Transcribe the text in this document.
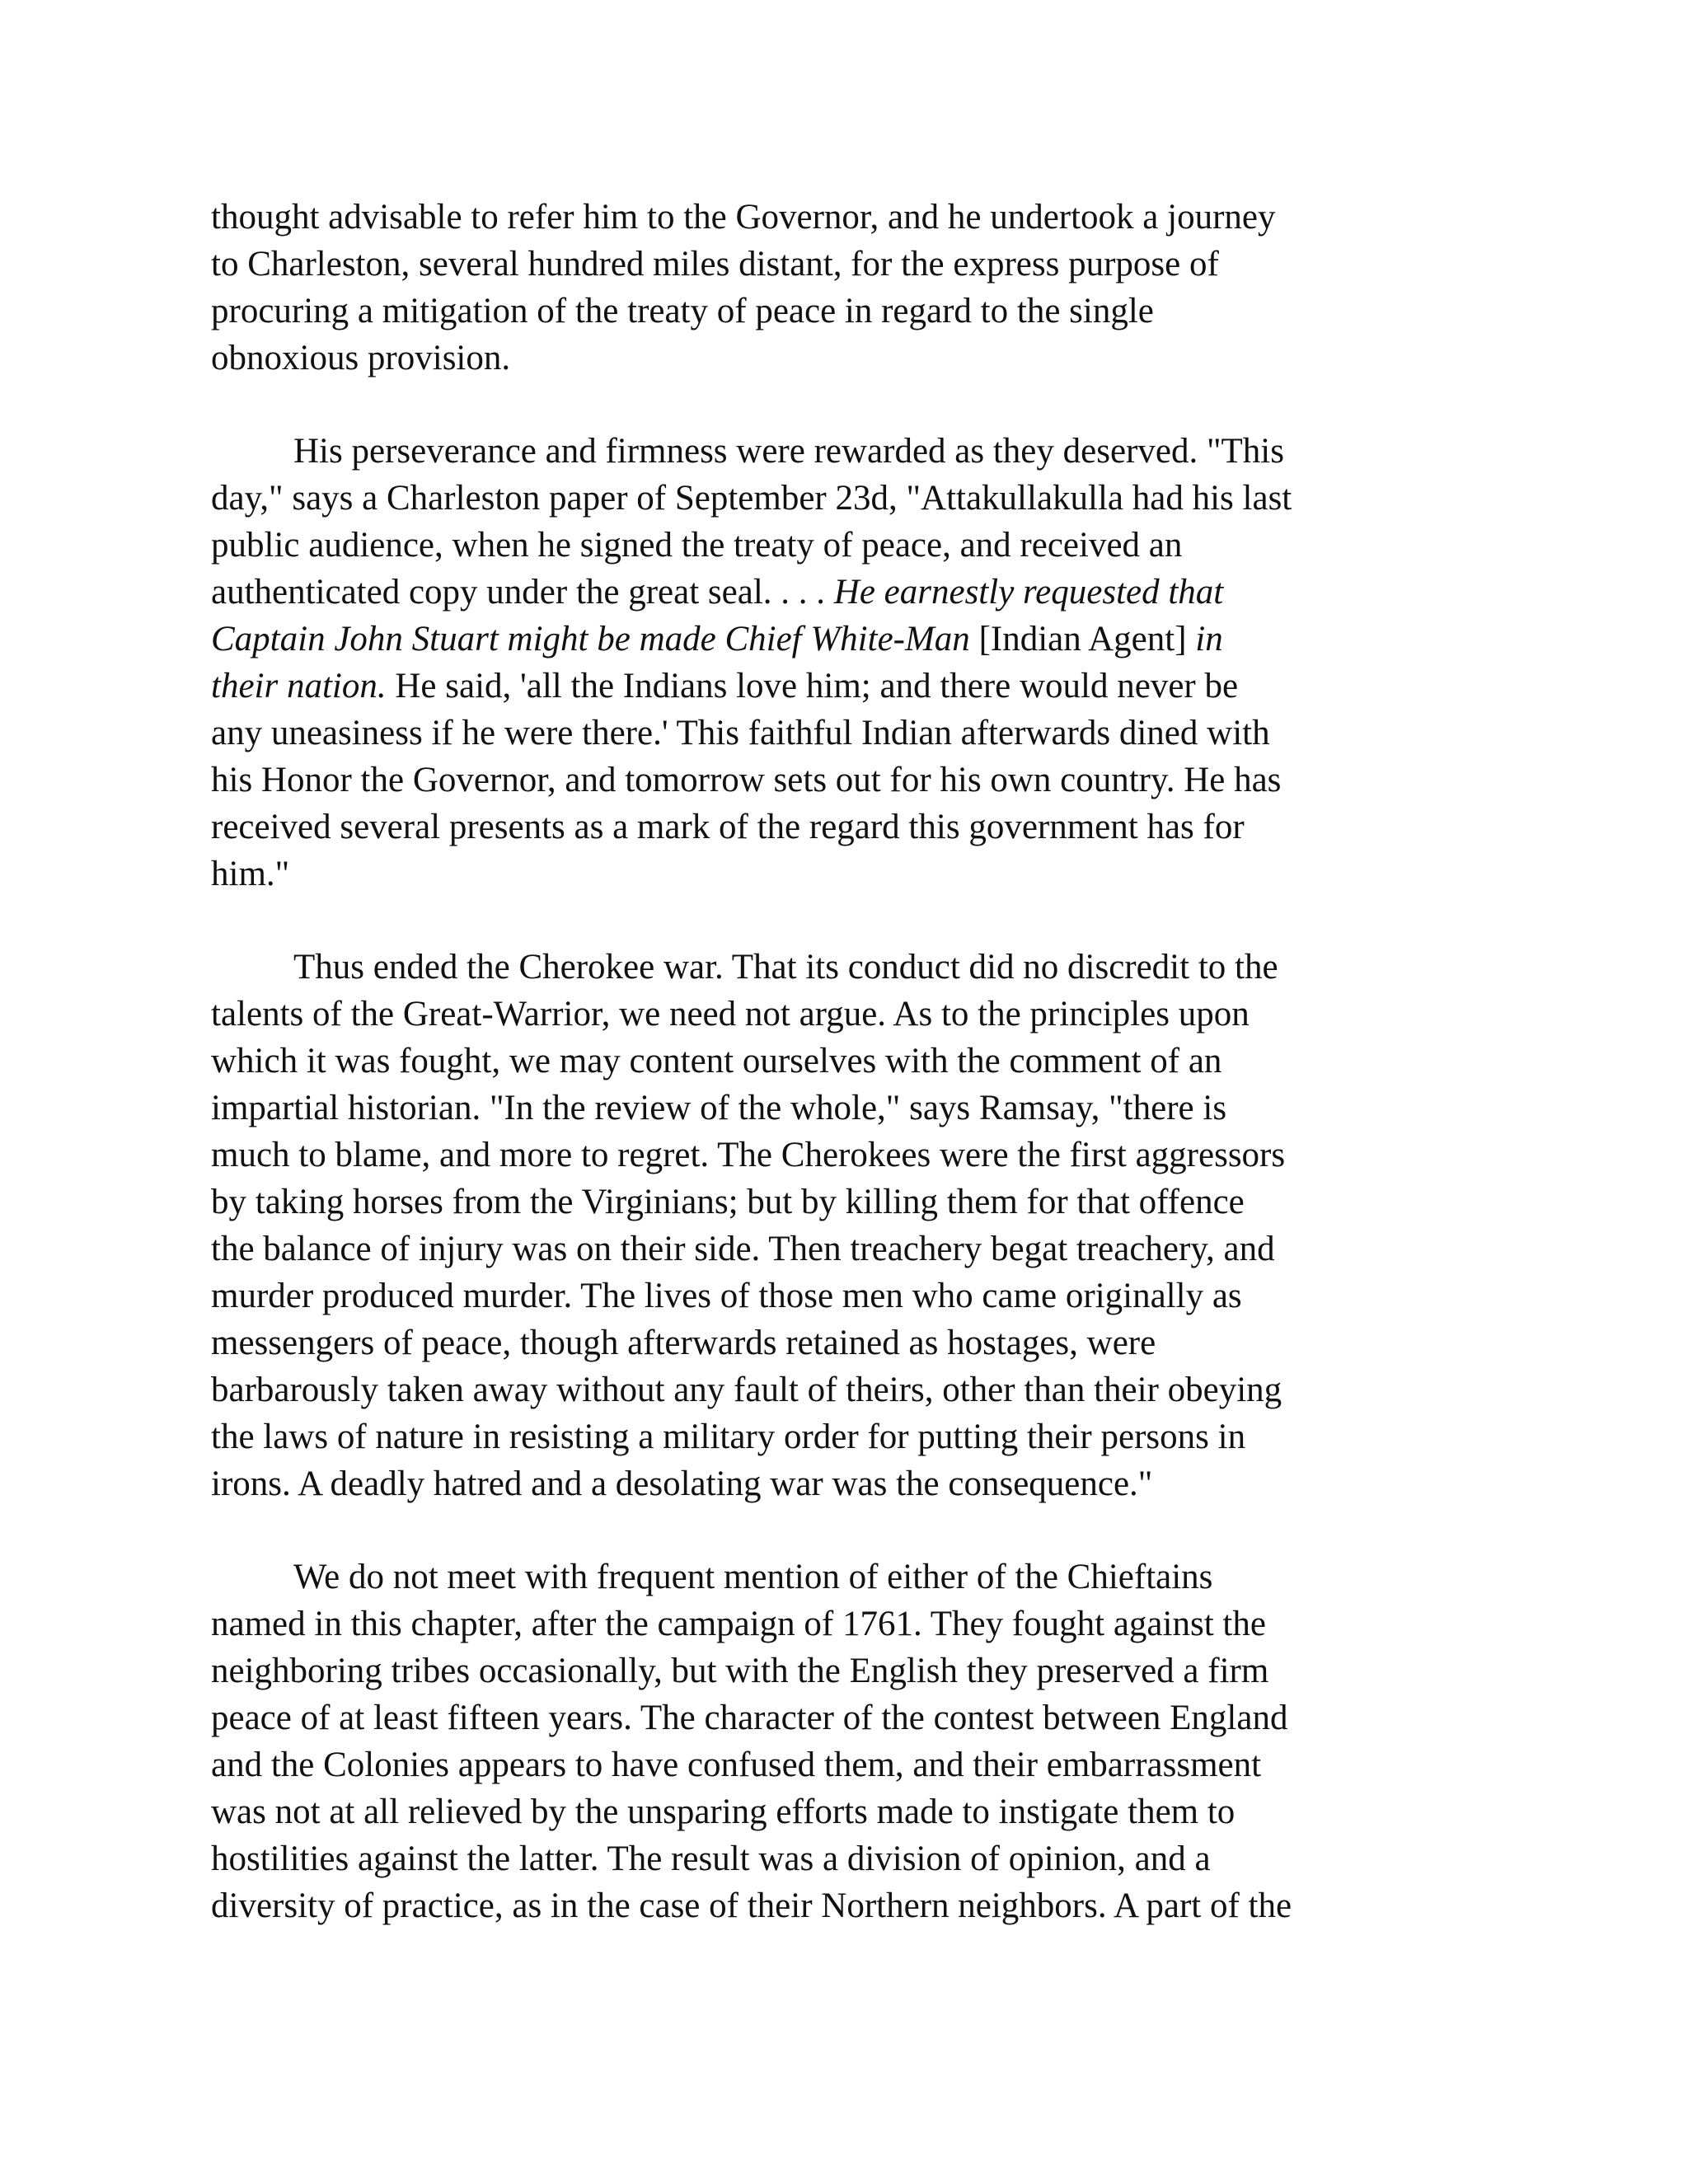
thought advisable to refer him to the Governor, and he undertook a journey
to Charleston, several hundred miles distant, for the express purpose of
procuring a mitigation of the treaty of peace in regard to the single
obnoxious provision.
His perseverance and firmness were rewarded as they deserved. "This
day," says a Charleston paper of September 23d, "Attakullakulla had his last
public audience, when he signed the treaty of peace, and received an
authenticated copy under the great seal. . . . He earnestly requested that
Captain John Stuart might be made Chief White-Man [Indian Agent] in
their nation. He said, 'all the Indians love him; and there would never be
any uneasiness if he were there.' This faithful Indian afterwards dined with
his Honor the Governor, and tomorrow sets out for his own country. He has
received several presents as a mark of the regard this government has for
him."
Thus ended the Cherokee war. That its conduct did no discredit to the
talents of the Great-Warrior, we need not argue. As to the principles upon
which it was fought, we may content ourselves with the comment of an
impartial historian. "In the review of the whole," says Ramsay, "there is
much to blame, and more to regret. The Cherokees were the first aggressors
by taking horses from the Virginians; but by killing them for that offence
the balance of injury was on their side. Then treachery begat treachery, and
murder produced murder. The lives of those men who came originally as
messengers of peace, though afterwards retained as hostages, were
barbarously taken away without any fault of theirs, other than their obeying
the laws of nature in resisting a military order for putting their persons in
irons. A deadly hatred and a desolating war was the consequence."
We do not meet with frequent mention of either of the Chieftains
named in this chapter, after the campaign of 1761. They fought against the
neighboring tribes occasionally, but with the English they preserved a firm
peace of at least fifteen years. The character of the contest between England
and the Colonies appears to have confused them, and their embarrassment
was not at all relieved by the unsparing efforts made to instigate them to
hostilities against the latter. The result was a division of opinion, and a
diversity of practice, as in the case of their Northern neighbors. A part of the
